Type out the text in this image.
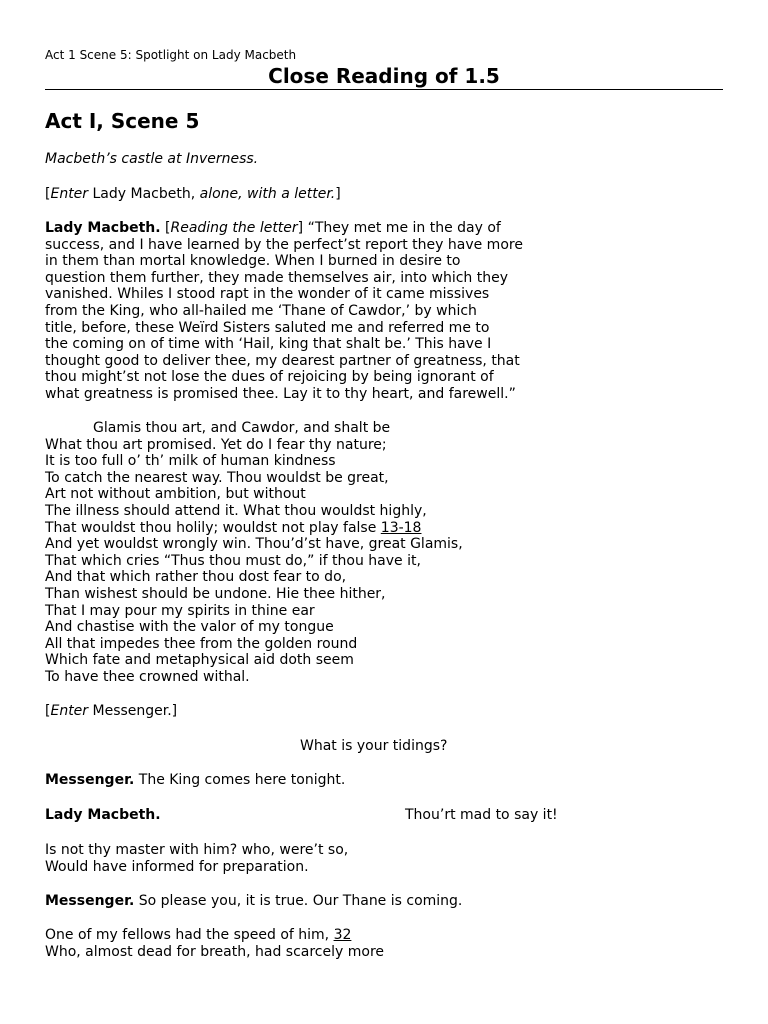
Act 1 Scene 5: Spotlight on Lady Macbeth
Close Reading of 1.5
Act I, Scene 5
Macbeth’s castle at Inverness.
[Enter Lady Macbeth, alone, with a letter.]
Lady Macbeth. [Reading the letter] “They met me in the day of
success, and I have learned by the perfect’st report they have more
in them than mortal knowledge. When I burned in desire to
question them further, they made themselves air, into which they
vanished. Whiles I stood rapt in the wonder of it came missives
from the King, who all-hailed me ‘Thane of Cawdor,’ by which
title, before, these Weïrd Sisters saluted me and referred me to
the coming on of time with ‘Hail, king that shalt be.’ This have I
thought good to deliver thee, my dearest partner of greatness, that
thou might’st not lose the dues of rejoicing by being ignorant of
what greatness is promised thee. Lay it to thy heart, and farewell.”
Glamis thou art, and Cawdor, and shalt be
What thou art promised. Yet do I fear thy nature;
It is too full o’ th’ milk of human kindness
To catch the nearest way. Thou wouldst be great,
Art not without ambition, but without
The illness should attend it. What thou wouldst highly,
That wouldst thou holily; wouldst not play false 13-18
And yet wouldst wrongly win. Thou’d’st have, great Glamis,
That which cries “Thus thou must do,” if thou have it,
And that which rather thou dost fear to do,
Than wishest should be undone. Hie thee hither,
That I may pour my spirits in thine ear
And chastise with the valor of my tongue
All that impedes thee from the golden round
Which fate and metaphysical aid doth seem
To have thee crowned withal.
[Enter Messenger.]
What is your tidings?
Messenger. The King comes here tonight.
Lady Macbeth.	Thou’rt mad to say it!
Is not thy master with him? who, were’t so,
Would have informed for preparation.
Messenger. So please you, it is true. Our Thane is coming.
One of my fellows had the speed of him, 32
Who, almost dead for breath, had scarcely more
